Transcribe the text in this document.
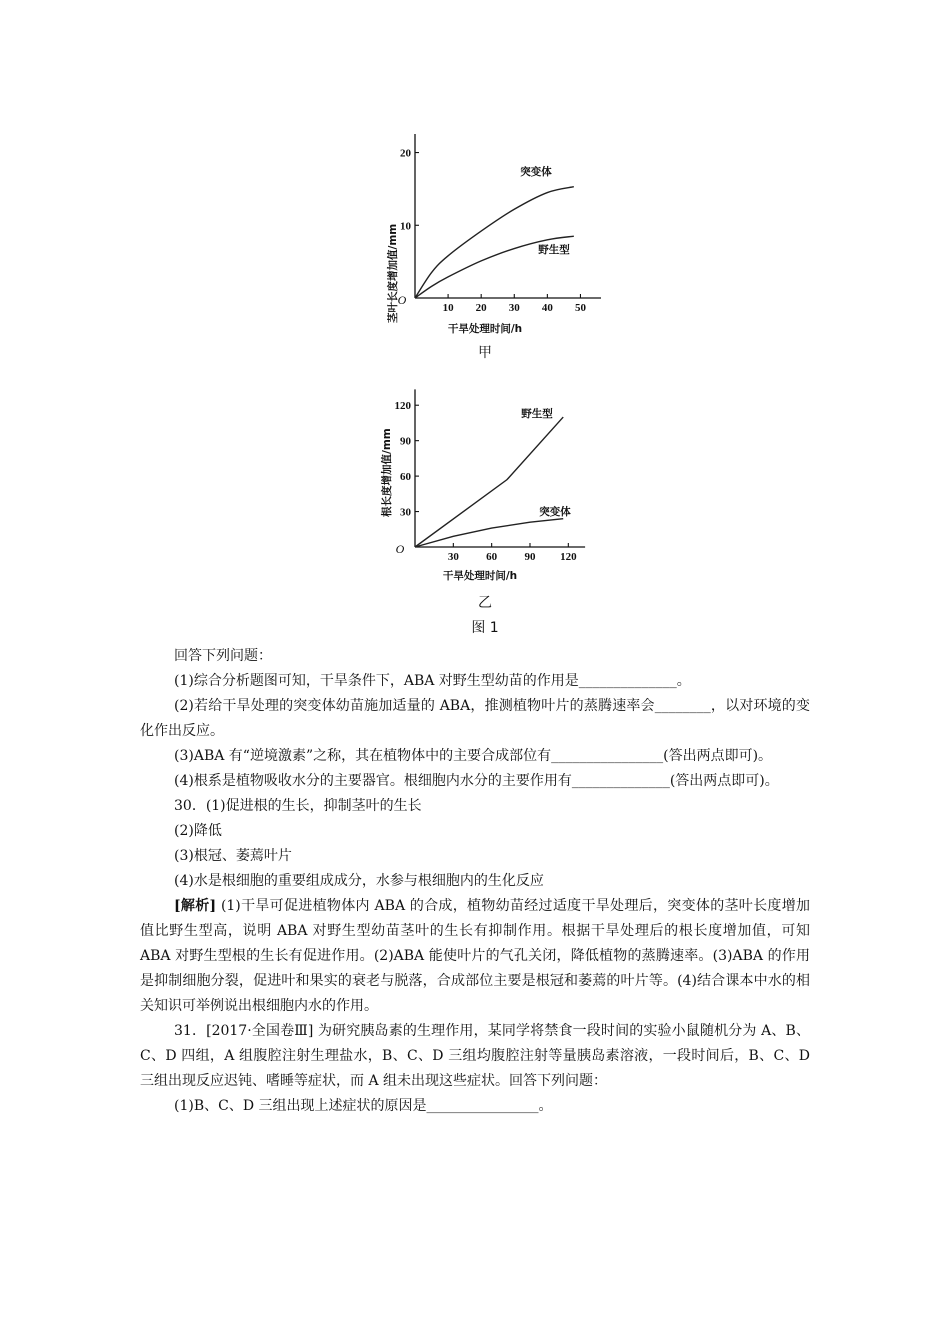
茎叶长度增加值/mm
干旱处理时间/h
O
10 20 30 40 50
10
20
突变体
野生型
甲
根长度增加值/mm
干旱处理时间/h
O
30 60 90 120
30
60
90
120
野生型
突变体
乙
图 1

回答下列问题：

(1)综合分析题图可知，干旱条件下，ABA 对野生型幼苗的作用是______________。

(2)若给干旱处理的突变体幼苗施加适量的 ABA，推测植物叶片的蒸腾速率会________，以对环境的变化作出反应。

(3)ABA 有“逆境激素”之称，其在植物体中的主要合成部位有________________(答出两点即可)。

(4)根系是植物吸收水分的主要器官。根细胞内水分的主要作用有______________(答出两点即可)。

30．(1)促进根的生长，抑制茎叶的生长

(2)降低

(3)根冠、萎蔫叶片

(4)水是根细胞的重要组成成分，水参与根细胞内的生化反应

[解析] (1)干旱可促进植物体内 ABA 的合成，植物幼苗经过适度干旱处理后，突变体的茎叶长度增加值比野生型高，说明 ABA 对野生型幼苗茎叶的生长有抑制作用。根据干旱处理后的根长度增加值，可知 ABA 对野生型根的生长有促进作用。(2)ABA 能使叶片的气孔关闭，降低植物的蒸腾速率。(3)ABA 的作用是抑制细胞分裂，促进叶和果实的衰老与脱落，合成部位主要是根冠和萎蔫的叶片等。(4)结合课本中水的相关知识可举例说出根细胞内水的作用。

31．[2017·全国卷Ⅲ] 为研究胰岛素的生理作用，某同学将禁食一段时间的实验小鼠随机分为 A、B、C、D 四组，A 组腹腔注射生理盐水，B、C、D 三组均腹腔注射等量胰岛素溶液，一段时间后，B、C、D 三组出现反应迟钝、嗜睡等症状，而 A 组未出现这些症状。回答下列问题：

(1)B、C、D 三组出现上述症状的原因是________________。
